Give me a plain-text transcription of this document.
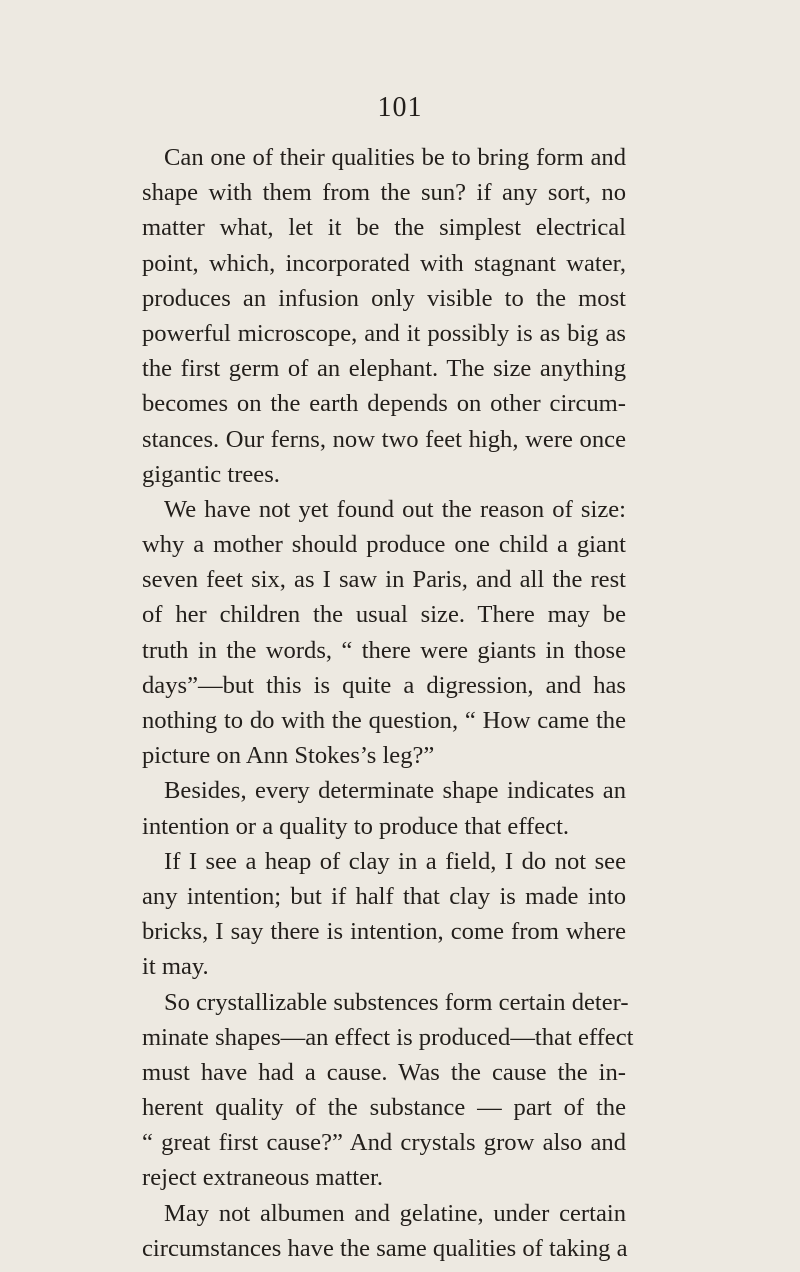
101
Can one of their qualities be to bring form and
shape with them from the sun? if any sort, no
matter what, let it be the simplest electrical
point, which, incorporated with stagnant water,
produces an infusion only visible to the most
powerful microscope, and it possibly is as big as
the first germ of an elephant. The size anything
becomes on the earth depends on other circum-
stances. Our ferns, now two feet high, were once
gigantic trees.
We have not yet found out the reason of size:
why a mother should produce one child a giant
seven feet six, as I saw in Paris, and all the rest
of her children the usual size. There may be
truth in the words, “ there were giants in those
days”—but this is quite a digression, and has
nothing to do with the question, “ How came the
picture on Ann Stokes’s leg?”
Besides, every determinate shape indicates an
intention or a quality to produce that effect.
If I see a heap of clay in a field, I do not see
any intention; but if half that clay is made into
bricks, I say there is intention, come from where
it may.
So crystallizable substences form certain deter-
minate shapes—an effect is produced—that effect
must have had a cause. Was the cause the in-
herent quality of the substance — part of the
“ great first cause?” And crystals grow also and
reject extraneous matter.
May not albumen and gelatine, under certain
circumstances have the same qualities of taking a
